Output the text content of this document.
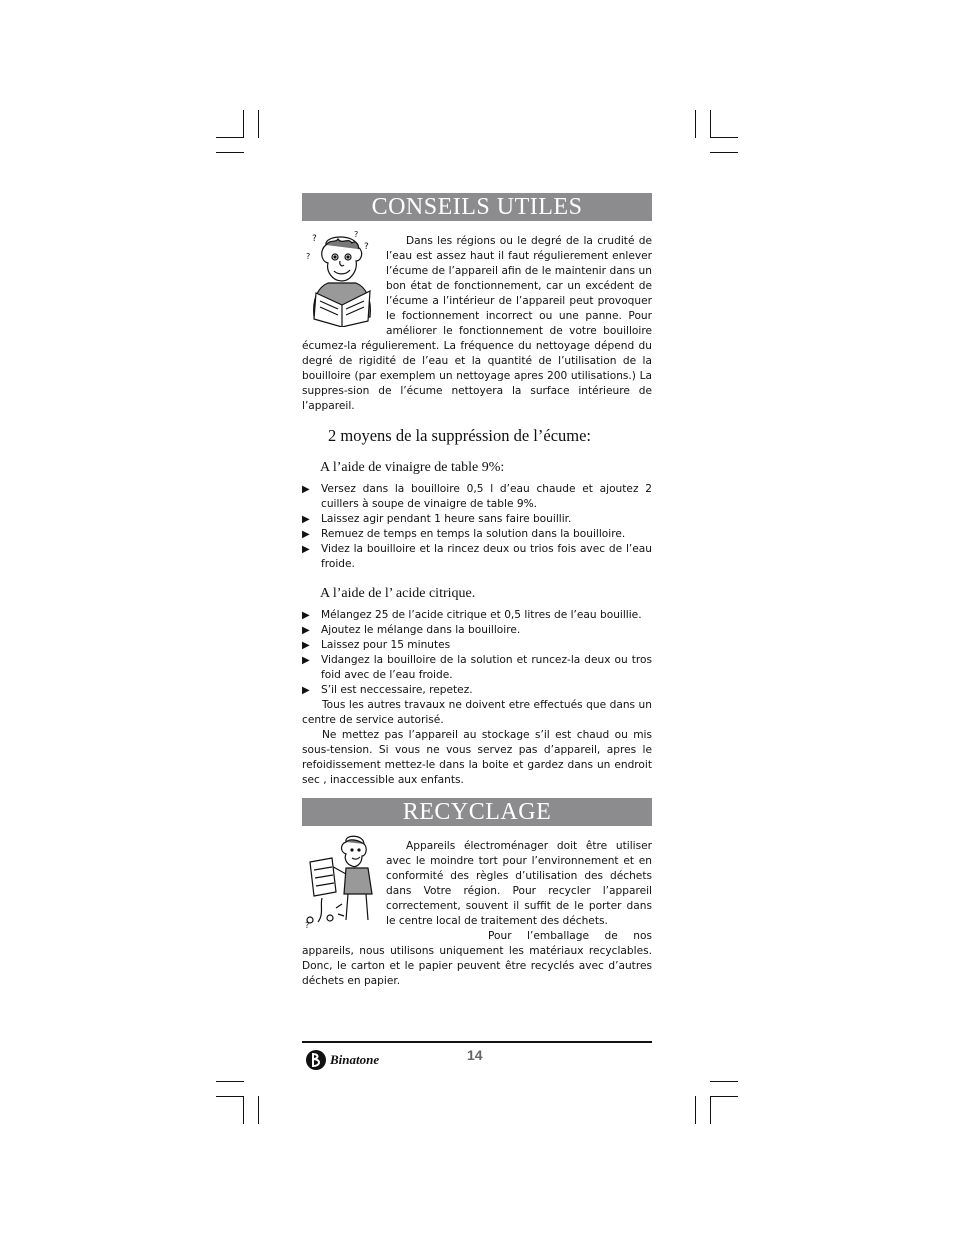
CONSEILS UTILES
?	?
?
?

Dans les régions ou le degré de la crudité de l’eau est assez haut il faut régulierement enlever l’écume de l’appareil afin de le maintenir dans un bon état de fonctionnement, car un excédent de l’écume a l’intérieur de l’appareil peut provoquer le foctionnement incorrect ou une panne. Pour améliorer le fonctionnement de votre bouilloire écumez-la régulierement. La fréquence du nettoyage dépend du degré de rigidité de l’eau et la quantité de l’utilisation de la bouilloire (par exemplem un nettoyage apres 200 utilisations.) La suppres-sion de l’écume nettoyera la surface intérieure de l’appareil.

2 moyens de la suppréssion de l’écume:
A l’aide de vinaigre de table 9%:
▶ Versez dans la bouilloire 0,5 l d’eau chaude et ajoutez 2 cuillers à soupe de vinaigre de table 9%.
▶ Laissez agir pendant 1 heure sans faire bouillir.
▶ Remuez de temps en temps la solution dans la bouilloire.
▶ Videz la bouilloire et la rincez deux ou trios fois avec de l’eau froide.
A l’aide de l’ acide citrique.
▶ Mélangez 25 de l’acide citrique et 0,5 litres de l’eau bouillie.
▶ Ajoutez le mélange dans la bouilloire.
▶ Laissez pour 15 minutes
▶ Vidangez la bouilloire de la solution et runcez-la deux ou tros foid avec de l’eau froide.
▶ S’il est neccessaire, repetez.

Tous les autres travaux ne doivent etre effectués que dans un centre de service autorisé.

Ne mettez pas l’appareil au stockage s’il est chaud ou mis sous-tension. Si vous ne vous servez pas d’appareil, apres le refoidissement mettez-le dans la boite et gardez dans un endroit sec , inaccessible aux enfants.

RECYCLAGE
?

Appareils électroménager doit être utiliser avec le moindre tort pour l’environnement et en conformité des règles d’utilisation des déchets dans Votre région. Pour recycler l’appareil correctement, souvent il suffit de le porter dans le centre local de traitement des déchets.

Pour l’emballage de nos appareils, nous utilisons uniquement les matériaux recyclables. Donc, le carton et le papier peuvent être recyclés avec d’autres déchets en papier.

Binatone	14
